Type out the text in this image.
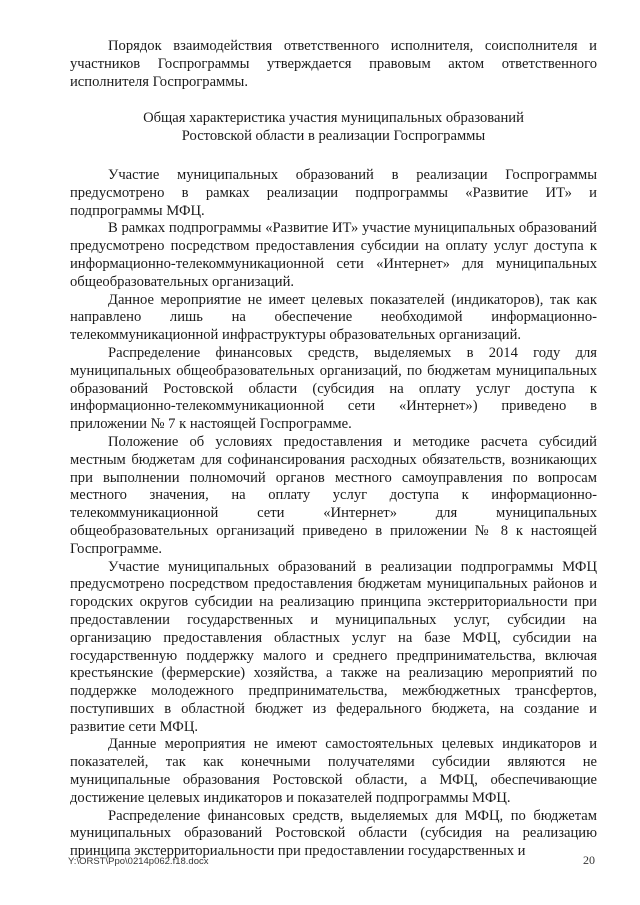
Порядок взаимодействия ответственного исполнителя, соисполнителя и участников Госпрограммы утверждается правовым актом ответственного исполнителя Госпрограммы.

Общая характеристика участия муниципальных образований
Ростовской области в реализации Госпрограммы

Участие муниципальных образований в реализации Госпрограммы предусмотрено в рамках реализации подпрограммы «Развитие ИТ» и подпрограммы МФЦ.

В рамках подпрограммы «Развитие ИТ» участие муниципальных образований предусмотрено посредством предоставления субсидии на оплату услуг доступа к информационно-телекоммуникационной сети «Интернет» для муниципальных общеобразовательных организаций.

Данное мероприятие не имеет целевых показателей (индикаторов), так как направлено лишь на обеспечение необходимой информационно-телекоммуникационной инфраструктуры образовательных организаций.

Распределение финансовых средств, выделяемых в 2014 году для муниципальных общеобразовательных организаций, по бюджетам муниципальных образований Ростовской области (субсидия на оплату услуг доступа к информационно-телекоммуникационной сети «Интернет») приведено в приложении № 7 к настоящей Госпрограмме.

Положение об условиях предоставления и методике расчета субсидий местным бюджетам для софинансирования расходных обязательств, возникающих при выполнении полномочий органов местного самоуправления по вопросам местного значения, на оплату услуг доступа к информационно-телекоммуникационной сети «Интернет» для муниципальных общеобразовательных организаций приведено в приложении № 8 к настоящей Госпрограмме.

Участие муниципальных образований в реализации подпрограммы МФЦ предусмотрено посредством предоставления бюджетам муниципальных районов и городских округов субсидии на реализацию принципа экстерриториальности при предоставлении государственных и муниципальных услуг, субсидии на организацию предоставления областных услуг на базе МФЦ, субсидии на государственную поддержку малого и среднего предпринимательства, включая крестьянские (фермерские) хозяйства, а также на реализацию мероприятий по поддержке молодежного предпринимательства, межбюджетных трансфертов, поступивших в областной бюджет из федерального бюджета, на создание и развитие сети МФЦ.

Данные мероприятия не имеют самостоятельных целевых индикаторов и показателей, так как конечными получателями субсидии являются не муниципальные образования Ростовской области, а МФЦ, обеспечивающие достижение целевых индикаторов и показателей подпрограммы МФЦ.

Распределение финансовых средств, выделяемых для МФЦ, по бюджетам муниципальных образований Ростовской области (субсидия на реализацию принципа экстерриториальности при предоставлении государственных и

Y:\ORST\Ppo\0214p062.f18.docx	20
